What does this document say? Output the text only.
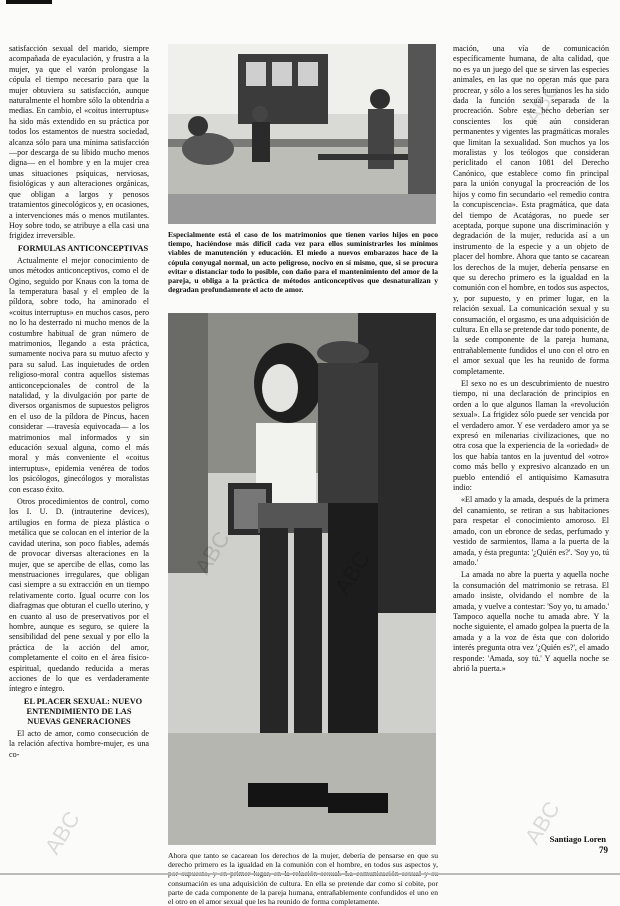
satisfacción sexual del marido, siempre acompañada de eyaculación, y frustra a la mujer, ya que el varón prolongase la cópula el tiempo necesario para que la mujer obtuviera su satisfacción, aunque naturalmente el hombre sólo la obtendría a medias. En cambio, el «coitus interruptus» ha sido más extendido en su práctica por todos los estamentos de nuestra sociedad, alcanza sólo para una mínima satisfacción —por descarga de su libido mucho menos digna— en el hombre y en la mujer crea unas situaciones psíquicas, nerviosas, fisiológicas y aun alteraciones orgánicas, que obligan a largos y penosos tratamientos ginecológicos y, en ocasiones, a intervenciones más o menos mutilantes. Hoy sobre todo, se atribuye a ella casi una frigidez irreversible.

FORMULAS ANTICONCEPTIVAS

Actualmente el mejor conocimiento de unos métodos anticonceptivos, como el de Ogino, seguido por Knaus con la toma de la temperatura basal y el empleo de la píldora, sobre todo, ha aminorado el «coitus interruptus» en muchos casos, pero no lo ha desterrado ni mucho menos de la costumbre habitual de gran número de matrimonios, llegando a esta práctica, sumamente nociva para su mutuo afecto y para su salud. Las inquietudes de orden religioso-moral contra aquellos sistemas anticoncepcionales de control de la natalidad, y la divulgación por parte de diversos organismos de supuestos peligros en el uso de la píldora de Pincus, hacen considerar —travesía equivocada— a los matrimonios mal informados y sin educación sexual alguna, como el más moral y más conveniente el «coitus interruptus», epidemia venérea de todos los psicólogos, ginecólogos y moralistas con escaso éxito.

Otros procedimientos de control, como los I. U. D. (intrauterine devices), artilugios en forma de pieza plástica o metálica que se colocan en el interior de la cavidad uterina, son poco fiables, además de provocar diversas alteraciones en la mujer, que se apercibe de ellas, como las menstruaciones irregulares, que obligan casi siempre a su extracción en un tiempo relativamente corto. Igual ocurre con los diafragmas que obturan el cuello uterino, y en cuanto al uso de preservativos por el hombre, aunque es seguro, se quiere la sensibilidad del pene sexual y por ello la práctica de la acción del amor, completamente el coito en el área físico-espiritual, quedando reducida a meras acciones de lo que es verdaderamente íntegro e íntegro.

EL PLACER SEXUAL: NUEVO ENTENDIMIENTO DE LAS NUEVAS GENERACIONES

El acto de amor, como consecución de la relación afectiva hombre-mujer, es una co-

Especialmente está el caso de los matrimonios que tienen varios hijos en poco tiempo, haciéndose más difícil cada vez para ellos suministrarles los mínimos viables de manutención y educación. El miedo a nuevos embarazos hace de la cópula conyugal normal, un acto peligroso, nocivo en sí mismo, que, si se procura evitar o distanciar todo lo posible, con daño para el mantenimiento del amor de la pareja, u obliga a la práctica de métodos anticonceptivos que desnaturalizan y degradan profundamente el acto de amor.
Ahora que tanto se cacarean los derechos de la mujer, debería de pensarse en que su derecho primero es la igualdad en la comunión con el hombre, en todos sus aspectos y, consumación es una adquisición de cultura. En ella se pretende dar como sí cobite, por parte de cada componente de la pareja humana, entrañablemente confundidos el uno en el otro en el amor sexual que les ha reunido de forma completamente.

mación, una vía de comunicación específicamente humana, de alta calidad, que no es ya un juego del que se sirven las especies animales, en las que no operan más que para procrear, y sólo a los seres humanos les ha sido dada la función sexual separada de la procreación. Sobre este hecho deberían ser conscientes los que aún consideran permanentes y vigentes las pragmáticas morales que limitan la sexualidad. Son muchos ya los moralistas y los teólogos que consideran periclitado el canon 1081 del Derecho Canónico, que establece como fin principal para la unión conyugal la procreación de los hijos y como fin secundario «el remedio contra la concupiscencia». Esta pragmática, que data del tiempo de Acatágoras, no puede ser aceptada, porque supone una discriminación y degradación de la mujer, reducida así a un instrumento de la especie y a un objeto de placer del hombre. Ahora que tanto se cacarean los derechos de la mujer, debería pensarse en que su derecho primero es la igualdad en la comunión con el hombre, en todos sus aspectos, y, por supuesto, y en primer lugar, en la relación sexual. La comunicación sexual y su consumación, el orgasmo, es una adquisición de cultura. En ella se pretende dar todo ponente, de la sede componente de la pareja humana, entrañablemente fundidos el uno con el otro en el amor sexual que les ha reunido de forma completamente.

El sexo no es un descubrimiento de nuestro tiempo, ni una declaración de principios en orden a lo que algunos llaman la «revolución sexual». La frigidez sólo puede ser vencida por el verdadero amor. Y ese verdadero amor ya se expresó en milenarias civilizaciones, que no otra cosa que la experiencia de la «oriedad» de los que había tantos en la juventud del «otro» como más bello y expresivo alcanzado en un pueblo entendió el antiquísimo Kamasutra indio:

«El amado y la amada, después de la primera del canamiento, se retiran a sus habitaciones para respetar el conocimiento amoroso. El amado, con un ebronce de sedas, perfumado y vestido de sarmientos, llama a la puerta de la amada, y ésta pregunta: '¿Quién es?'. 'Soy yo, tú amado.'

La amada no abre la puerta y aquella noche la consumación del matrimonio se retrasa. El amado insiste, olvidando el nombre de la amada, y vuelve a contestar: 'Soy yo, tu amado.' Tampoco aquella noche tu amada abre. Y la noche siguiente, el amado golpea la puerta de la amada y a la voz de ésta que con dolorido interés pregunta otra vez '¿Quién es?', el amado responde: 'Amada, soy tú.' Y aquella noche se abrió la puerta.»

Santiago Loren
79
ABC	ABC
ABC
